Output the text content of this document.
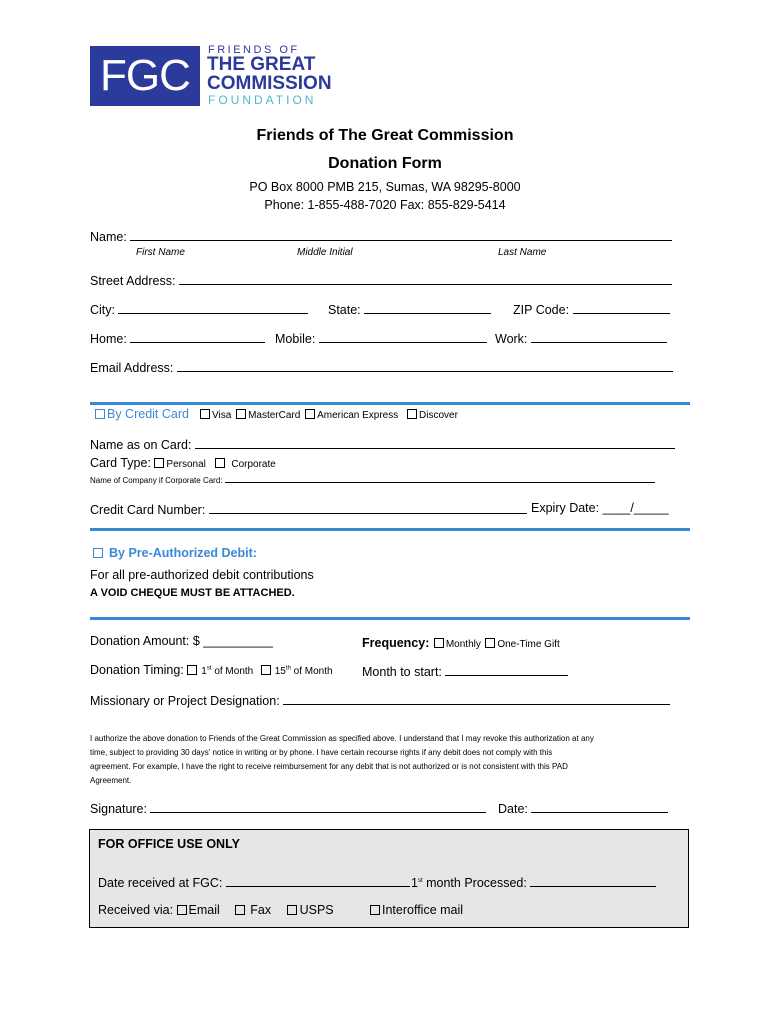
FGC
FRIENDS OF
THE GREAT
COMMISSION
FOUNDATION
Friends of The Great Commission
Donation Form
PO Box 8000 PMB 215, Sumas, WA 98295-8000
Phone: 1-855-488-7020 Fax: 855-829-5414
Name:
First Name	Middle Initial	Last Name
Street Address:
City:	State:	ZIP Code:
Home:	Mobile:	Work:
Email Address:
By Credit Card	Visa MasterCard American Express Discover
Name as on Card:
Card Type: Personal	Corporate
Name of Company if Corporate Card:
Credit Card Number:	Expiry Date: ____/_____
By Pre-Authorized Debit:
For all pre-authorized debit contributions
A VOID CHEQUE MUST BE ATTACHED.
Donation Amount: $ __________	Frequency: Monthly One-Time Gift
Donation Timing: 1st of Month 15th of Month Month to start:
Missionary or Project Designation:
I authorize the above donation to Friends of the Great Commission as specified above. I understand that I may revoke this authorization at any
time, subject to providing 30 days' notice in writing or by phone. I have certain recourse rights if any debit does not comply with this
agreement. For example, I have the right to receive reimbursement for any debit that is not authorized or is not consistent with this PAD
Agreement.
Signature:	Date:
FOR OFFICE USE ONLY
Date received at FGC:	1st month Processed:
Received via: Email Fax USPS	Interoffice mail
